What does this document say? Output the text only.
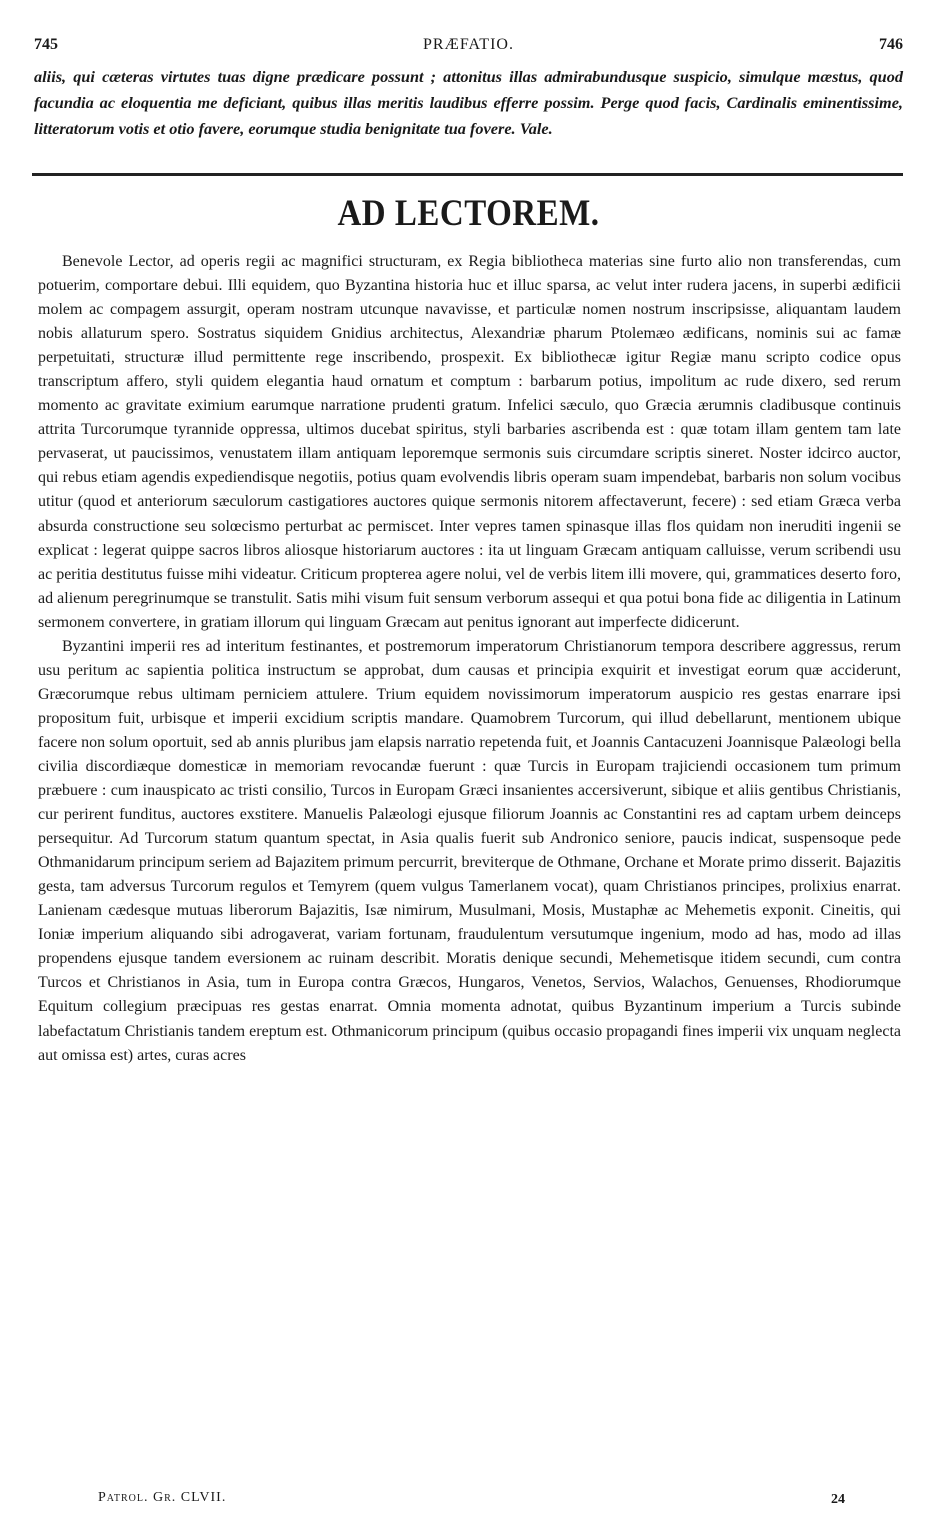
745	PRÆFATIO.	746
aliis, qui cæteras virtutes tuas digne prædicare possunt ; attonitus illas admirabundusque suspicio, simulque mæstus, quod facundia ac eloquentia me deficiant, quibus illas meritis laudibus efferre possim. Perge quod facis, Cardinalis eminentissime, litteratorum votis et otio favere, eorumque studia benignitate tua fovere. Vale.
AD LECTOREM.

Benevole Lector, ad operis regii ac magnifici structuram, ex Regia bibliotheca materias sine furto alio non transferendas, cum potuerim, comportare debui. Illi equidem, quo Byzantina historia huc et illuc sparsa, ac velut inter rudera jacens, in superbi ædificii molem ac compagem assurgit, operam nostram utcunque navavisse, et particulæ nomen nostrum inscripsisse, aliquantam laudem nobis allaturum spero. Sostratus siquidem Gnidius architectus, Alexandriæ pharum Ptolemæo ædificans, nominis sui ac famæ perpetuitati, structuræ illud permittente rege inscribendo, prospexit. Ex bibliothecæ igitur Regiæ manu scripto codice opus transcriptum affero, styli quidem elegantia haud ornatum et comptum : barbarum potius, impolitum ac rude dixero, sed rerum momento ac gravitate eximium earumque narratione prudenti gratum. Infelici sæculo, quo Græcia ærumnis cladibusque continuis attrita Turcorumque tyrannide oppressa, ultimos ducebat spiritus, styli barbaries ascribenda est : quæ totam illam gentem tam late pervaserat, ut paucissimos, venustatem illam antiquam leporemque sermonis suis circumdare scriptis sineret. Noster idcirco auctor, qui rebus etiam agendis expediendisque negotiis, potius quam evolvendis libris operam suam impendebat, barbaris non solum vocibus utitur (quod et anteriorum sæculorum castigatiores auctores quique sermonis nitorem affectaverunt, fecere) : sed etiam Græca verba absurda constructione seu solœcismo perturbat ac permiscet. Inter vepres tamen spinasque illas flos quidam non ineruditi ingenii se explicat : legerat quippe sacros libros aliosque historiarum auctores : ita ut linguam Græcam antiquam calluisse, verum scribendi usu ac peritia destitutus fuisse mihi videatur. Criticum propterea agere nolui, vel de verbis litem illi movere, qui, grammatices deserto foro, ad alienum peregrinumque se transtulit. Satis mihi visum fuit sensum verborum assequi et qua potui bona fide ac diligentia in Latinum sermonem convertere, in gratiam illorum qui linguam Græcam aut penitus ignorant aut imperfecte didicerunt.

Byzantini imperii res ad interitum festinantes, et postremorum imperatorum Christianorum tempora describere aggressus, rerum usu peritum ac sapientia politica instructum se approbat, dum causas et principia exquirit et investigat eorum quæ acciderunt, Græcorumque rebus ultimam perniciem attulere. Trium equidem novissimorum imperatorum auspicio res gestas enarrare ipsi propositum fuit, urbisque et imperii excidium scriptis mandare. Quamobrem Turcorum, qui illud debellarunt, mentionem ubique facere non solum oportuit, sed ab annis pluribus jam elapsis narratio repetenda fuit, et Joannis Cantacuzeni Joannisque Palæologi bella civilia discordiæque domesticæ in memoriam revocandæ fuerunt : quæ Turcis in Europam trajiciendi occasionem tum primum præbuere : cum inauspicato ac tristi consilio, Turcos in Europam Græci insanientes accersiverunt, sibique et aliis gentibus Christianis, cur perirent funditus, auctores exstitere. Manuelis Palæologi ejusque filiorum Joannis ac Constantini res ad captam urbem deinceps persequitur. Ad Turcorum statum quantum spectat, in Asia qualis fuerit sub Andronico seniore, paucis indicat, suspensoque pede Othmanidarum principum seriem ad Bajazitem primum percurrit, breviterque de Othmane, Orchane et Morate primo disserit. Bajazitis gesta, tam adversus Turcorum regulos et Temyrem (quem vulgus Tamerlanem vocat), quam Christianos principes, prolixius enarrat. Lanienam cædesque mutuas liberorum Bajazitis, Isæ nimirum, Musulmani, Mosis, Mustaphæ ac Mehemetis exponit. Cineitis, qui Ioniæ imperium aliquando sibi adrogaverat, variam fortunam, fraudulentum versutumque ingenium, modo ad has, modo ad illas propendens ejusque tandem eversionem ac ruinam describit. Moratis denique secundi, Mehemetisque itidem secundi, cum contra Turcos et Christianos in Asia, tum in Europa contra Græcos, Hungaros, Venetos, Servios, Walachos, Genuenses, Rhodiorumque Equitum collegium præcipuas res gestas enarrat. Omnia momenta adnotat, quibus Byzantinum imperium a Turcis subinde labefactatum Christianis tandem ereptum est. Othmanicorum principum (quibus occasio propagandi fines imperii vix unquam neglecta aut omissa est) artes, curas acres

Patrol. Gr. CLVII.	24
